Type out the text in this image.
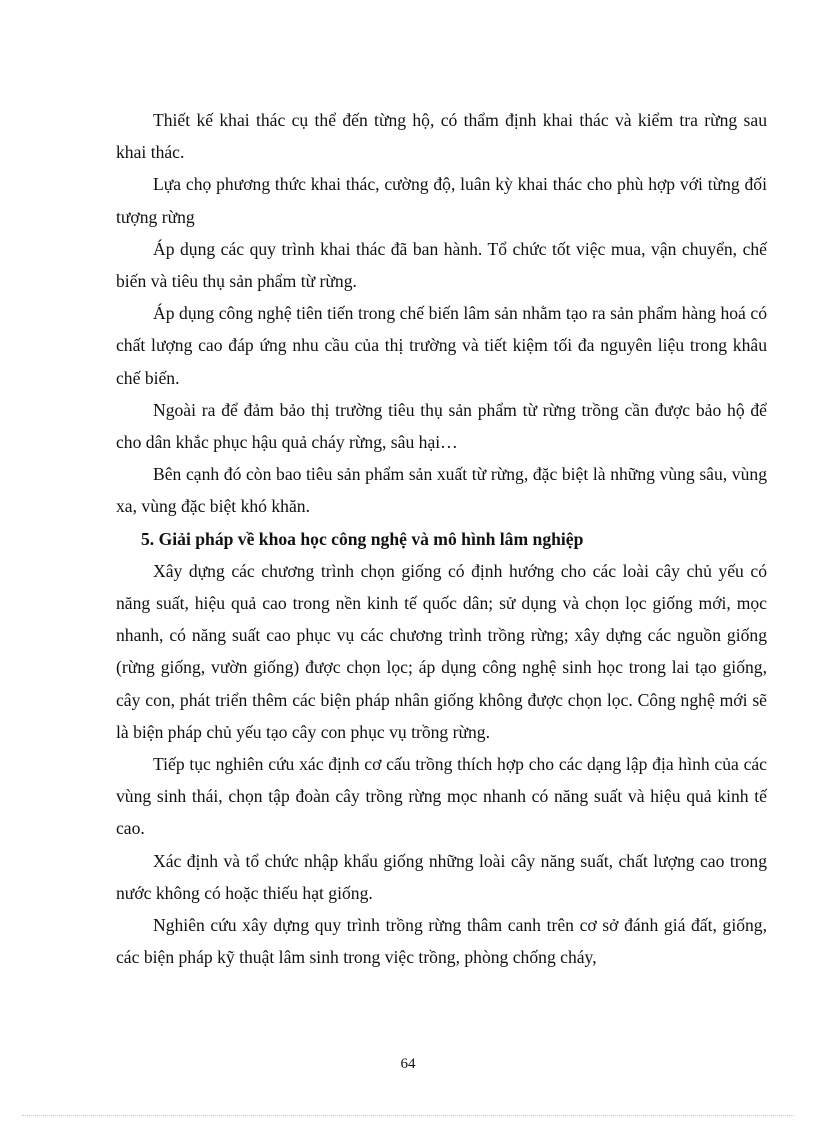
Thiết kế khai thác cụ thể đến từng hộ, có thẩm định khai thác và kiểm tra rừng sau khai thác.

Lựa chọ phương thức khai thác, cường độ, luân kỳ khai thác cho phù hợp với từng đối tượng rừng

Áp dụng các quy trình khai thác đã ban hành. Tổ chức tốt việc mua, vận chuyển, chế biến và tiêu thụ sản phẩm từ rừng.

Áp dụng công nghệ tiên tiến trong chế biến lâm sản nhằm tạo ra sản phẩm hàng hoá có chất lượng cao đáp ứng nhu cầu của thị trường và tiết kiệm tối đa nguyên liệu trong khâu chế biến.

Ngoài ra để đảm bảo thị trường tiêu thụ sản phẩm từ rừng trồng cần được bảo hộ để cho dân khắc phục hậu quả cháy rừng, sâu hại…

Bên cạnh đó còn bao tiêu sản phẩm sản xuất từ rừng, đặc biệt là những vùng sâu, vùng xa, vùng đặc biệt khó khăn.

5. Giải pháp về khoa học công nghệ và mô hình lâm nghiệp

Xây dựng các chương trình chọn giống có định hướng cho các loài cây chủ yếu có năng suất, hiệu quả cao trong nền kinh tế quốc dân; sử dụng và chọn lọc giống mới, mọc nhanh, có năng suất cao phục vụ các chương trình trồng rừng; xây dựng các nguồn giống (rừng giống, vườn giống) được chọn lọc; áp dụng công nghệ sinh học trong lai tạo giống, cây con, phát triển thêm các biện pháp nhân giống không được chọn lọc. Công nghệ mới sẽ là biện pháp chủ yếu tạo cây con phục vụ trồng rừng.

Tiếp tục nghiên cứu xác định cơ cấu trồng thích hợp cho các dạng lập địa hình của các vùng sinh thái, chọn tập đoàn cây trồng rừng mọc nhanh có năng suất và hiệu quả kinh tế cao.

Xác định và tổ chức nhập khẩu giống những loài cây năng suất, chất lượng cao trong nước không có hoặc thiếu hạt giống.

Nghiên cứu xây dựng quy trình trồng rừng thâm canh trên cơ sở đánh giá đất, giống, các biện pháp kỹ thuật lâm sinh trong việc trồng, phòng chống cháy,

64
